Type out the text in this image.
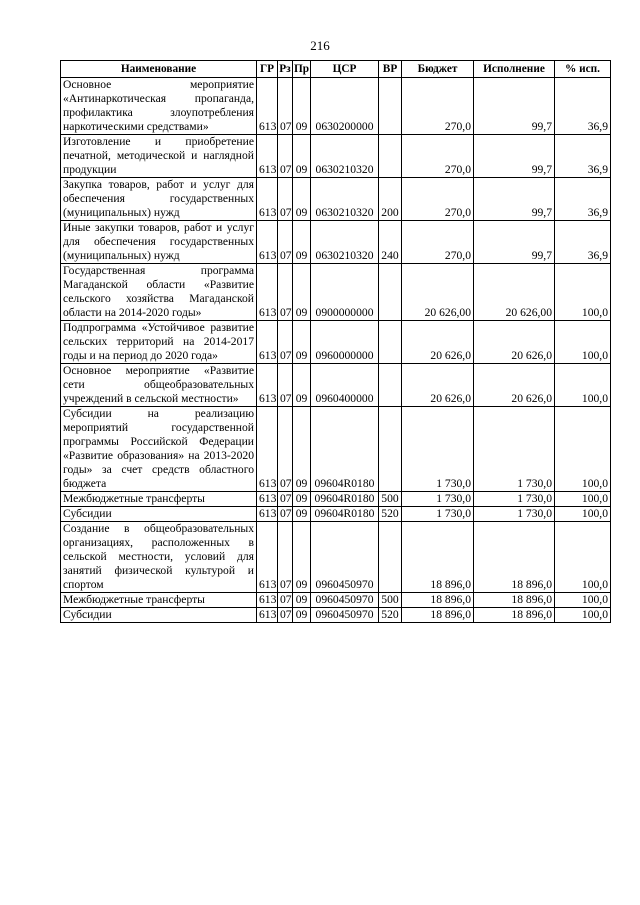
216
Наименование	ГР	Рз	Пр	ЦСР	ВР	Бюджет	Исполнение	% исп.
Основное мероприятие «Антинаркотическая пропаганда, профилактика злоупотребления наркотическими средствами»	613	07	09	0630200000		270,0	99,7	36,9
Изготовление и приобретение печатной, методической и наглядной продукции	613	07	09	0630210320		270,0	99,7	36,9
Закупка товаров, работ и услуг для обеспечения государственных (муниципальных) нужд	613	07	09	0630210320	200	270,0	99,7	36,9
Иные закупки товаров, работ и услуг для обеспечения государственных (муниципальных) нужд	613	07	09	0630210320	240	270,0	99,7	36,9
Государственная программа Магаданской области «Развитие сельского хозяйства Магаданской области на 2014-2020 годы»	613	07	09	0900000000		20 626,00	20 626,00	100,0
Подпрограмма «Устойчивое развитие сельских территорий на 2014-2017 годы и на период до 2020 года»	613	07	09	0960000000		20 626,0	20 626,0	100,0
Основное мероприятие «Развитие сети общеобразовательных учреждений в сельской местности»	613	07	09	0960400000		20 626,0	20 626,0	100,0
Субсидии на реализацию мероприятий государственной программы Российской Федерации «Развитие образования» на 2013-2020 годы» за счет средств областного бюджета	613	07	09	09604R0180		1 730,0	1 730,0	100,0
Межбюджетные трансферты	613	07	09	09604R0180	500	1 730,0	1 730,0	100,0
Субсидии	613	07	09	09604R0180	520	1 730,0	1 730,0	100,0
Создание в общеобразовательных организациях, расположенных в сельской местности, условий для занятий физической культурой и спортом	613	07	09	0960450970		18 896,0	18 896,0	100,0
Межбюджетные трансферты	613	07	09	0960450970	500	18 896,0	18 896,0	100,0
Субсидии	613	07	09	0960450970	520	18 896,0	18 896,0	100,0
